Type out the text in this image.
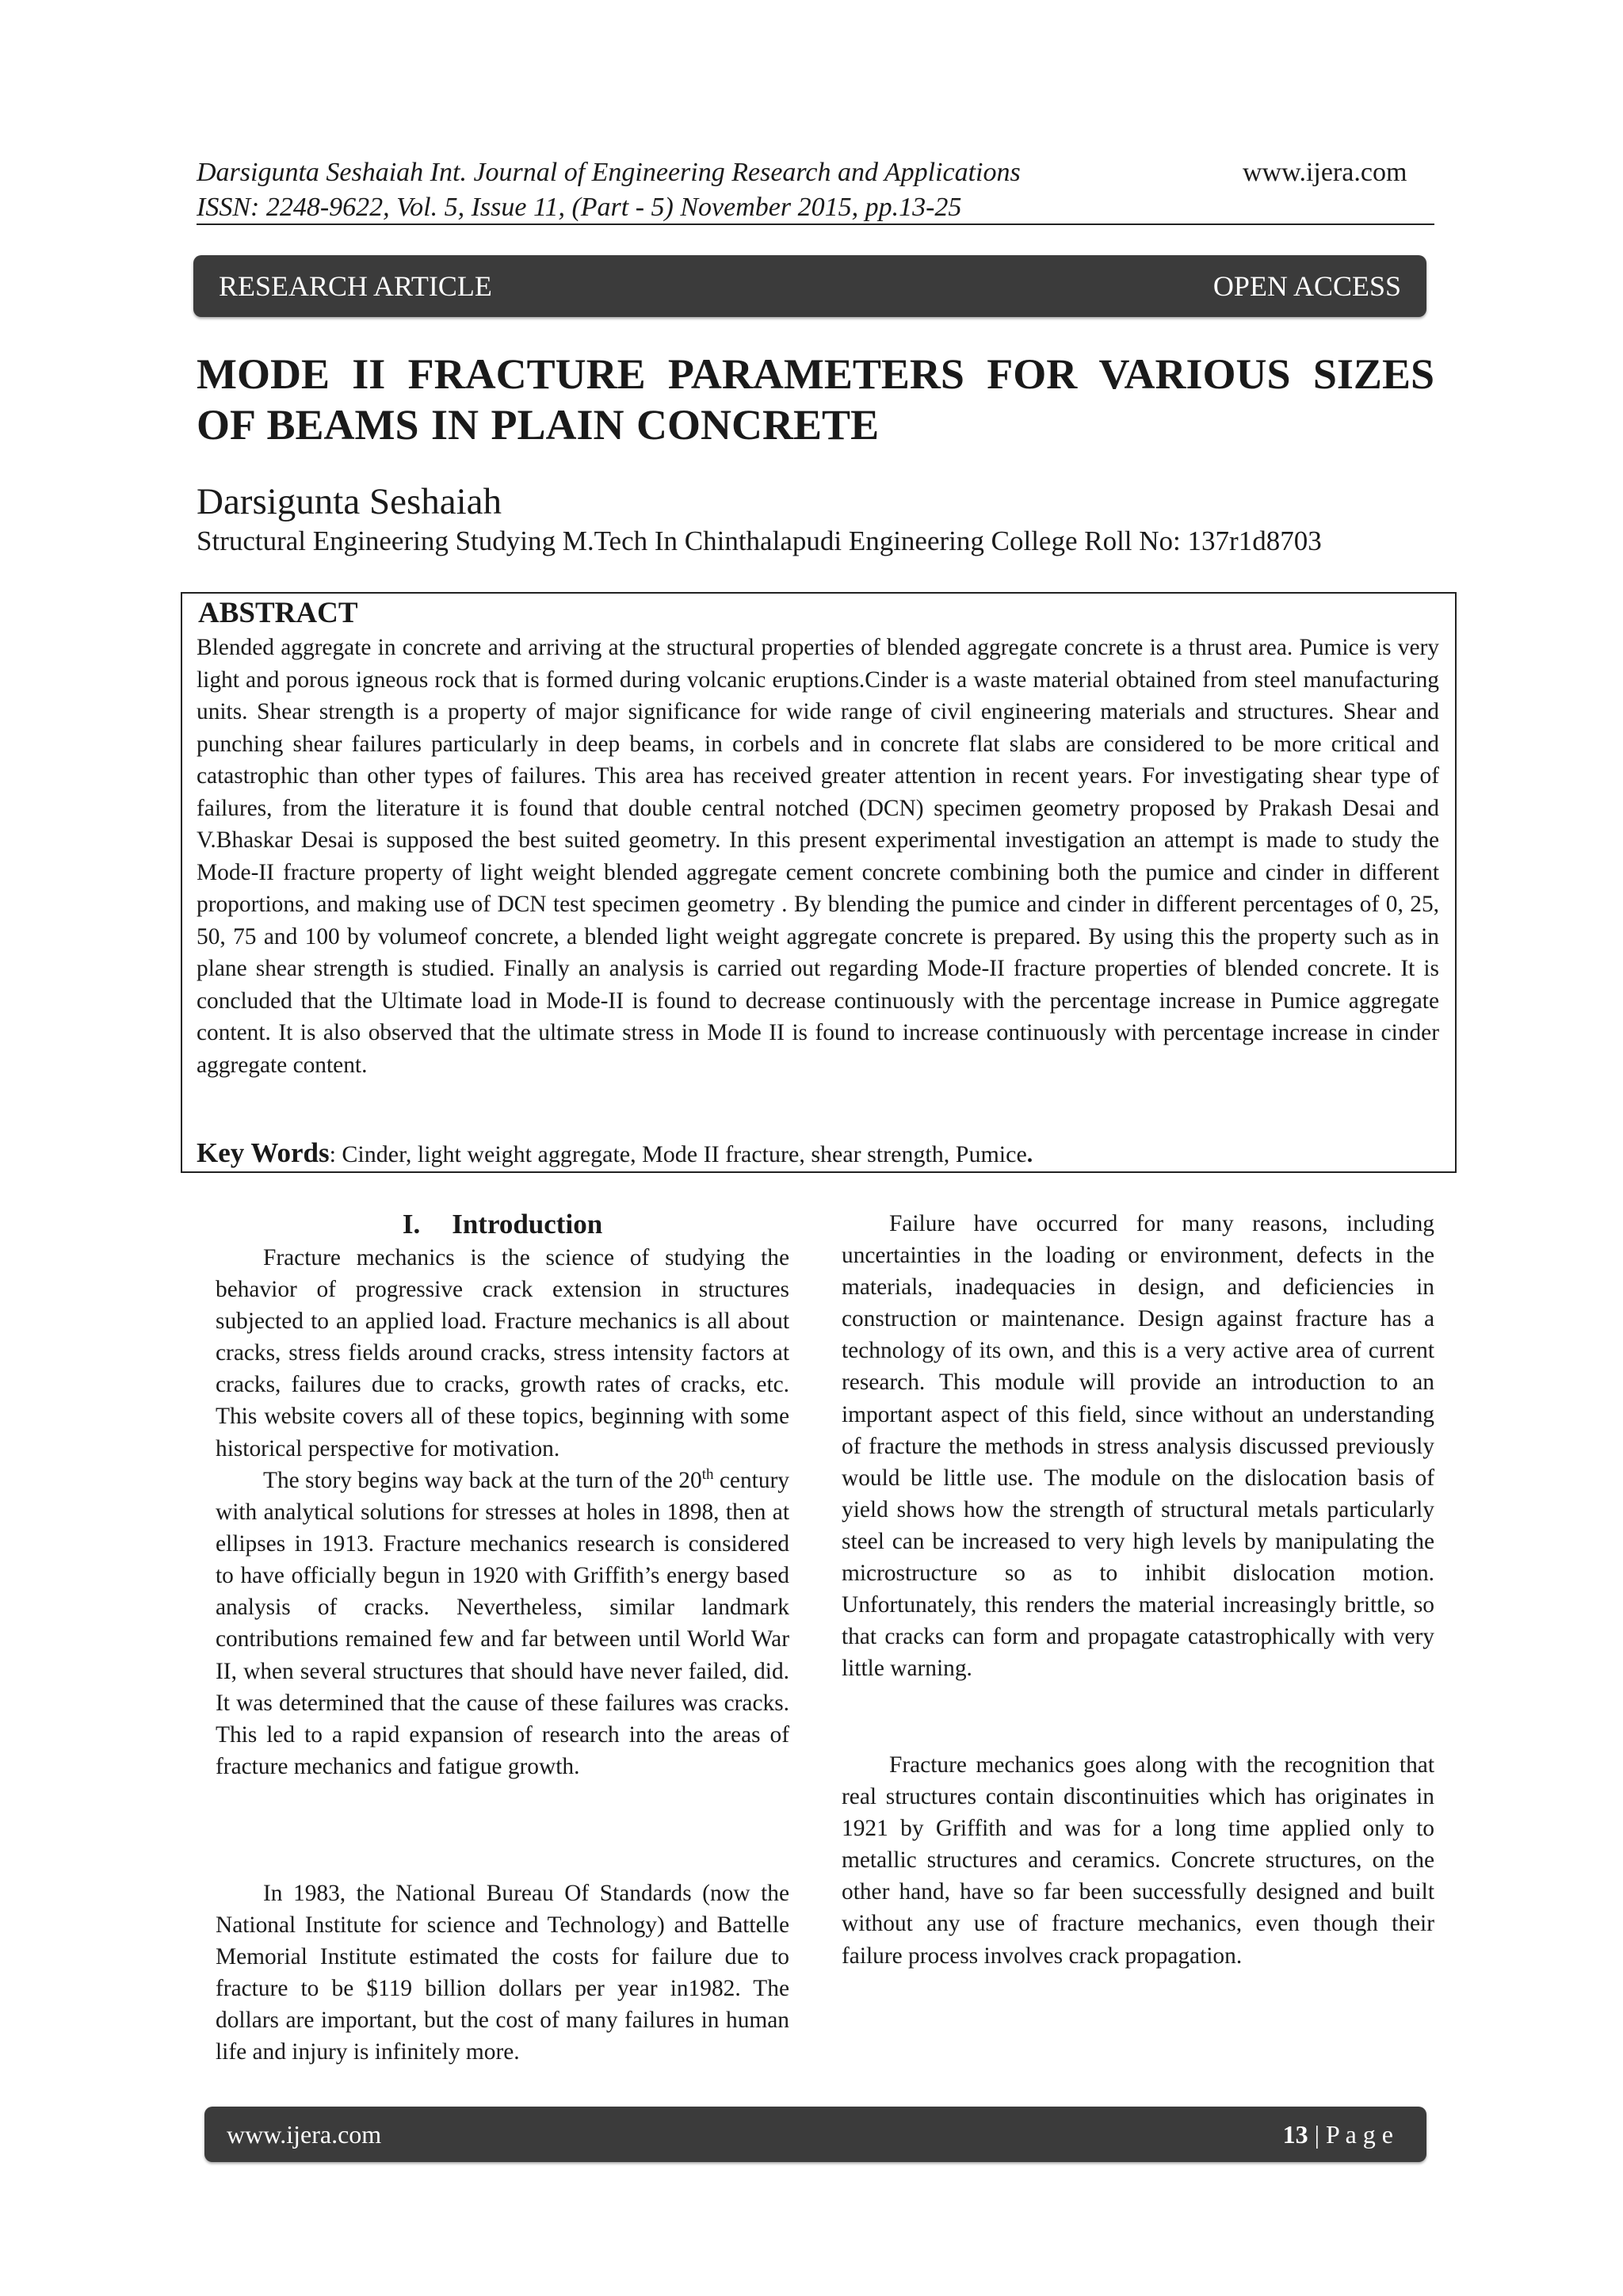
Darsigunta Seshaiah Int. Journal of Engineering Research and Applications	www.ijera.com
ISSN: 2248-9622, Vol. 5, Issue 11, (Part - 5) November 2015, pp.13-25
RESEARCH ARTICLE	OPEN ACCESS
MODE II FRACTURE PARAMETERS FOR VARIOUS SIZES OF BEAMS IN PLAIN CONCRETE
Darsigunta Seshaiah
Structural Engineering Studying M.Tech In Chinthalapudi Engineering College Roll No: 137r1d8703
ABSTRACT

Blended aggregate in concrete and arriving at the structural properties of blended aggregate concrete is a thrust area. Pumice is very light and porous igneous rock that is formed during volcanic eruptions.Cinder is a waste material obtained from steel manufacturing units. Shear strength is a property of major significance for wide range of civil engineering materials and structures. Shear and punching shear failures particularly in deep beams, in corbels and in concrete flat slabs are considered to be more critical and catastrophic than other types of failures. This area has received greater attention in recent years. For investigating shear type of failures, from the literature it is found that double central notched (DCN) specimen geometry proposed by Prakash Desai and V.Bhaskar Desai is supposed the best suited geometry. In this present experimental investigation an attempt is made to study the Mode-II fracture property of light weight blended aggregate cement concrete combining both the pumice and cinder in different proportions, and making use of DCN test specimen geometry . By blending the pumice and cinder in different percentages of 0, 25, 50, 75 and 100 by volumeof concrete, a blended light weight aggregate concrete is prepared. By using this the property such as in plane shear strength is studied. Finally an analysis is carried out regarding Mode-II fracture properties of blended concrete. It is concluded that the Ultimate load in Mode-II is found to decrease continuously with the percentage increase in Pumice aggregate content. It is also observed that the ultimate stress in Mode II is found to increase continuously with percentage increase in cinder aggregate content.

Key Words: Cinder, light weight aggregate, Mode II fracture, shear strength, Pumice.
I. Introduction

Fracture mechanics is the science of studying the behavior of progressive crack extension in structures subjected to an applied load. Fracture mechanics is all about cracks, stress fields around cracks, stress intensity factors at cracks, failures due to cracks, growth rates of cracks, etc. This website covers all of these topics, beginning with some historical perspective for motivation.

The story begins way back at the turn of the 20th century with analytical solutions for stresses at holes in 1898, then at ellipses in 1913. Fracture mechanics research is considered to have officially begun in 1920 with Griffith’s energy based analysis of cracks. Nevertheless, similar landmark contributions remained few and far between until World War II, when several structures that should have never failed, did. It was determined that the cause of these failures was cracks. This led to a rapid expansion of research into the areas of fracture mechanics and fatigue growth.

In 1983, the National Bureau Of Standards (now the National Institute for science and Technology) and Battelle Memorial Institute estimated the costs for failure due to fracture to be $119 billion dollars per year in1982. The dollars are important, but the cost of many failures in human life and injury is infinitely more.

Failure have occurred for many reasons, including uncertainties in the loading or environment, defects in the materials, inadequacies in design, and deficiencies in construction or maintenance. Design against fracture has a technology of its own, and this is a very active area of current research. This module will provide an introduction to an important aspect of this field, since without an understanding of fracture the methods in stress analysis discussed previously would be little use. The module on the dislocation basis of yield shows how the strength of structural metals particularly steel can be increased to very high levels by manipulating the microstructure so as to inhibit dislocation motion. Unfortunately, this renders the material increasingly brittle, so that cracks can form and propagate catastrophically with very little warning.

Fracture mechanics goes along with the recognition that real structures contain discontinuities which has originates in 1921 by Griffith and was for a long time applied only to metallic structures and ceramics. Concrete structures, on the other hand, have so far been successfully designed and built without any use of fracture mechanics, even though their failure process involves crack propagation.

www.ijera.com	13 | P a g e
